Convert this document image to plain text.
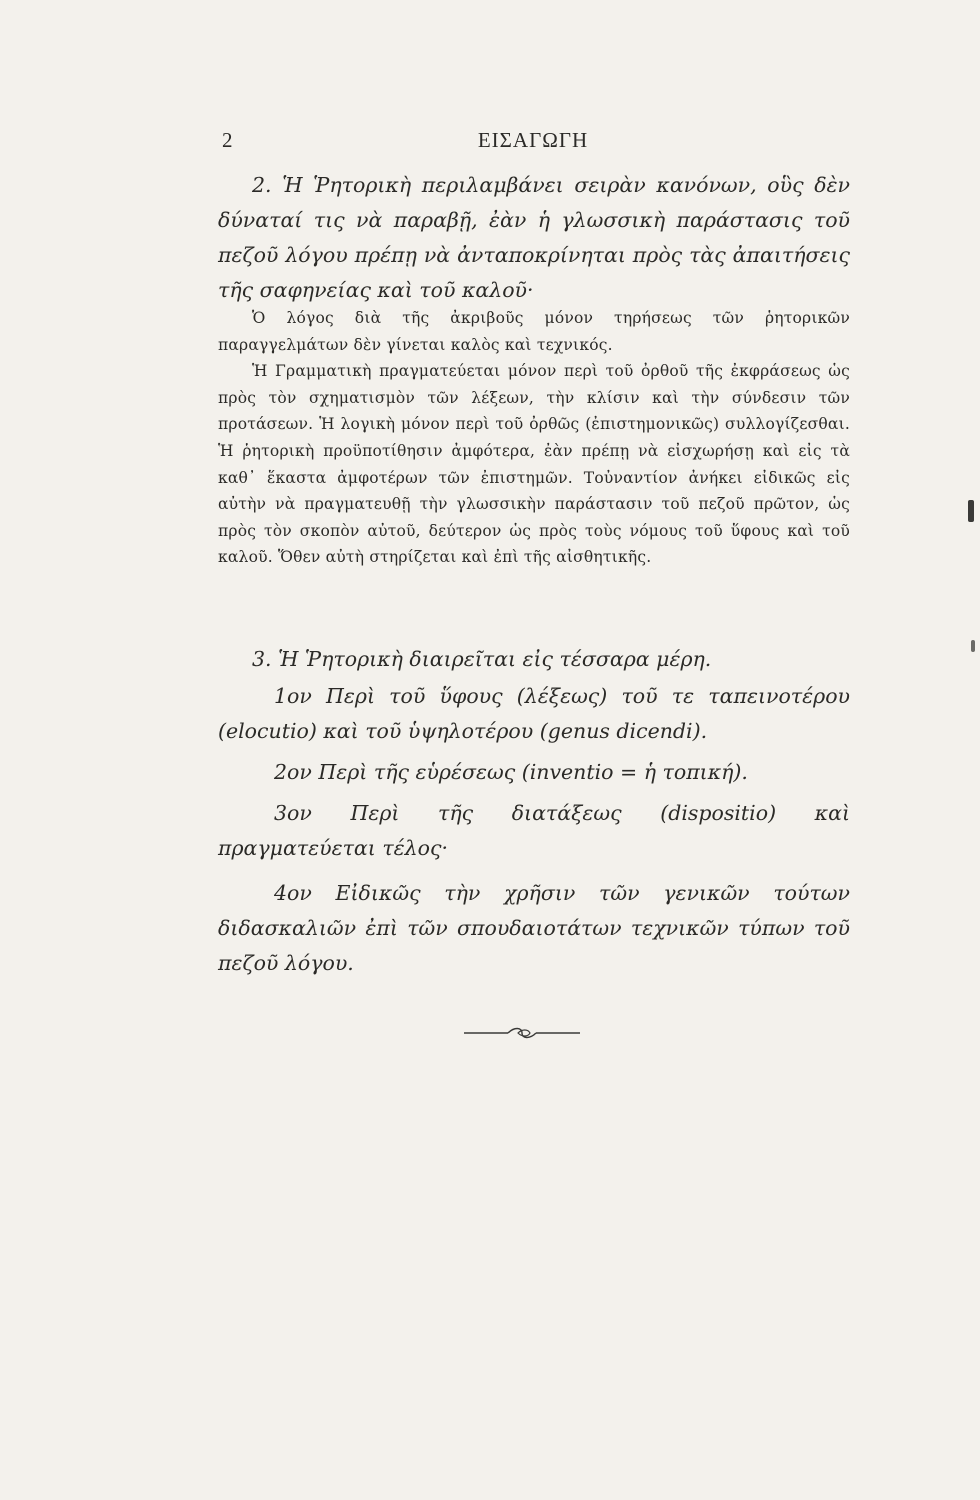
2	ΕΙΣΑΓΩΓΗ

2. Ἡ Ῥητορικὴ περιλαμβάνει σειρὰν κανόνων, οὓς δὲν δύναταί τις νὰ παραβῇ, ἐὰν ἡ γλωσσικὴ παράστασις τοῦ πεζοῦ λόγου πρέπῃ νὰ ἀνταποκρίνηται πρὸς τὰς ἀπαιτήσεις τῆς σαφηνείας καὶ τοῦ καλοῦ·

Ὁ λόγος διὰ τῆς ἀκριβοῦς μόνον τηρήσεως τῶν ῥητορικῶν παραγγελμάτων δὲν γίνεται καλὸς καὶ τεχνικός.

Ἡ Γραμματικὴ πραγματεύεται μόνον περὶ τοῦ ὀρθοῦ τῆς ἐκφράσεως ὡς πρὸς τὸν σχηματισμὸν τῶν λέξεων, τὴν κλίσιν καὶ τὴν σύνδεσιν τῶν προτάσεων. Ἡ λογικὴ μόνον περὶ τοῦ ὀρθῶς (ἐπιστημονικῶς) συλλογίζεσθαι. Ἡ ῥητορικὴ προϋποτίθησιν ἀμφότερα, ἐὰν πρέπῃ νὰ εἰσχωρήσῃ καὶ εἰς τὰ καθ᾽ ἕκαστα ἀμφοτέρων τῶν ἐπιστημῶν. Τοὐναντίον ἀνήκει εἰδικῶς εἰς αὐτὴν νὰ πραγματευθῇ τὴν γλωσσικὴν παράστασιν τοῦ πεζοῦ πρῶτον, ὡς πρὸς τὸν σκοπὸν αὐτοῦ, δεύτερον ὡς πρὸς τοὺς νόμους τοῦ ὕφους καὶ τοῦ καλοῦ. Ὅθεν αὐτὴ στηρίζεται καὶ ἐπὶ τῆς αἰσθητικῆς.

3. Ἡ Ῥητορικὴ διαιρεῖται εἰς τέσσαρα μέρη.

1ον Περὶ τοῦ ὕφους (λέξεως) τοῦ τε ταπεινοτέρου (elocutio) καὶ τοῦ ὑψηλοτέρου (genus dicendi).

2ον Περὶ τῆς εὑρέσεως (inventio = ἡ τοπική).

3ον Περὶ τῆς διατάξεως (dispositio) καὶ πραγματεύεται τέλος·

4ον Εἰδικῶς τὴν χρῆσιν τῶν γενικῶν τούτων διδασκαλιῶν ἐπὶ τῶν σπουδαιοτάτων τεχνικῶν τύπων τοῦ πεζοῦ λόγου.
